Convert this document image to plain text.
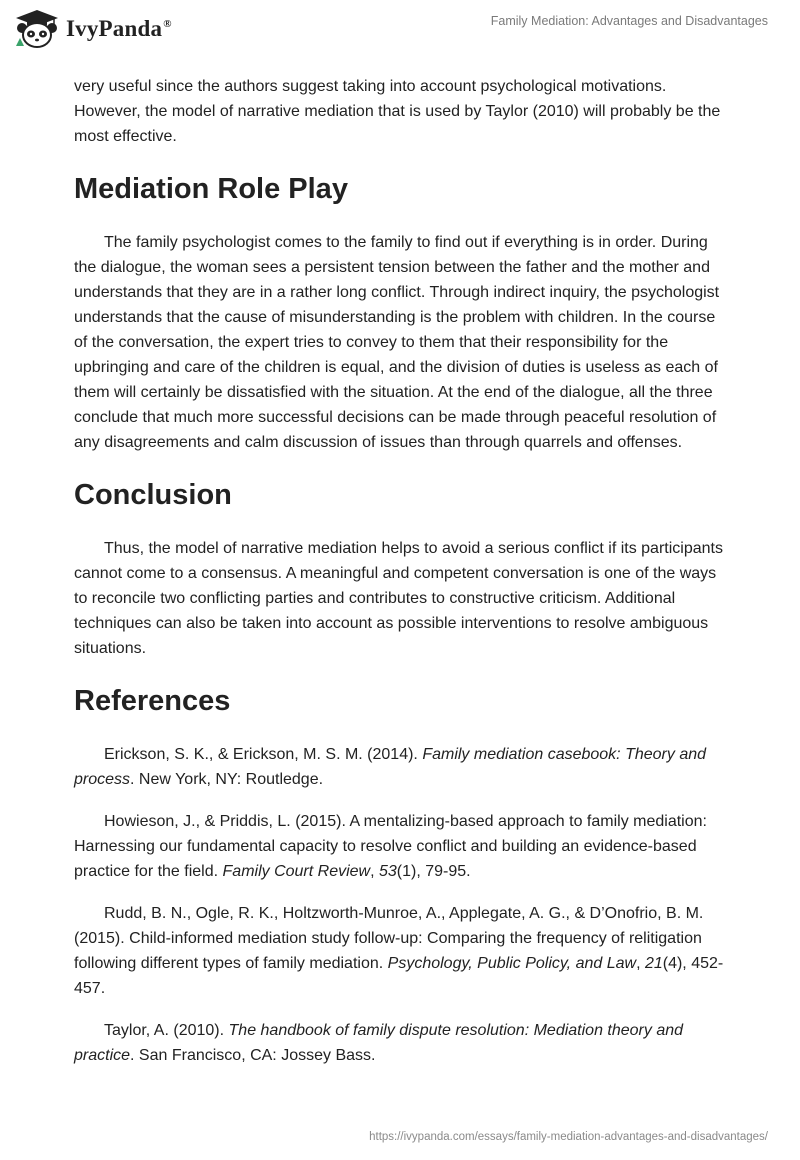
IvyPanda®	Family Mediation: Advantages and Disadvantages

very useful since the authors suggest taking into account psychological motivations. However, the model of narrative mediation that is used by Taylor (2010) will probably be the most effective.

Mediation Role Play

The family psychologist comes to the family to find out if everything is in order. During the dialogue, the woman sees a persistent tension between the father and the mother and understands that they are in a rather long conflict. Through indirect inquiry, the psychologist understands that the cause of misunderstanding is the problem with children. In the course of the conversation, the expert tries to convey to them that their responsibility for the upbringing and care of the children is equal, and the division of duties is useless as each of them will certainly be dissatisfied with the situation. At the end of the dialogue, all the three conclude that much more successful decisions can be made through peaceful resolution of any disagreements and calm discussion of issues than through quarrels and offenses.

Conclusion

Thus, the model of narrative mediation helps to avoid a serious conflict if its participants cannot come to a consensus. A meaningful and competent conversation is one of the ways to reconcile two conflicting parties and contributes to constructive criticism. Additional techniques can also be taken into account as possible interventions to resolve ambiguous situations.

References

Erickson, S. K., & Erickson, M. S. M. (2014). Family mediation casebook: Theory and process. New York, NY: Routledge.

Howieson, J., & Priddis, L. (2015). A mentalizing-based approach to family mediation: Harnessing our fundamental capacity to resolve conflict and building an evidence-based practice for the field. Family Court Review, 53(1), 79-95.

Rudd, B. N., Ogle, R. K., Holtzworth-Munroe, A., Applegate, A. G., & D’Onofrio, B. M. (2015). Child-informed mediation study follow-up: Comparing the frequency of relitigation following different types of family mediation. Psychology, Public Policy, and Law, 21(4), 452-457.

Taylor, A. (2010). The handbook of family dispute resolution: Mediation theory and practice. San Francisco, CA: Jossey Bass.

https://ivypanda.com/essays/family-mediation-advantages-and-disadvantages/
